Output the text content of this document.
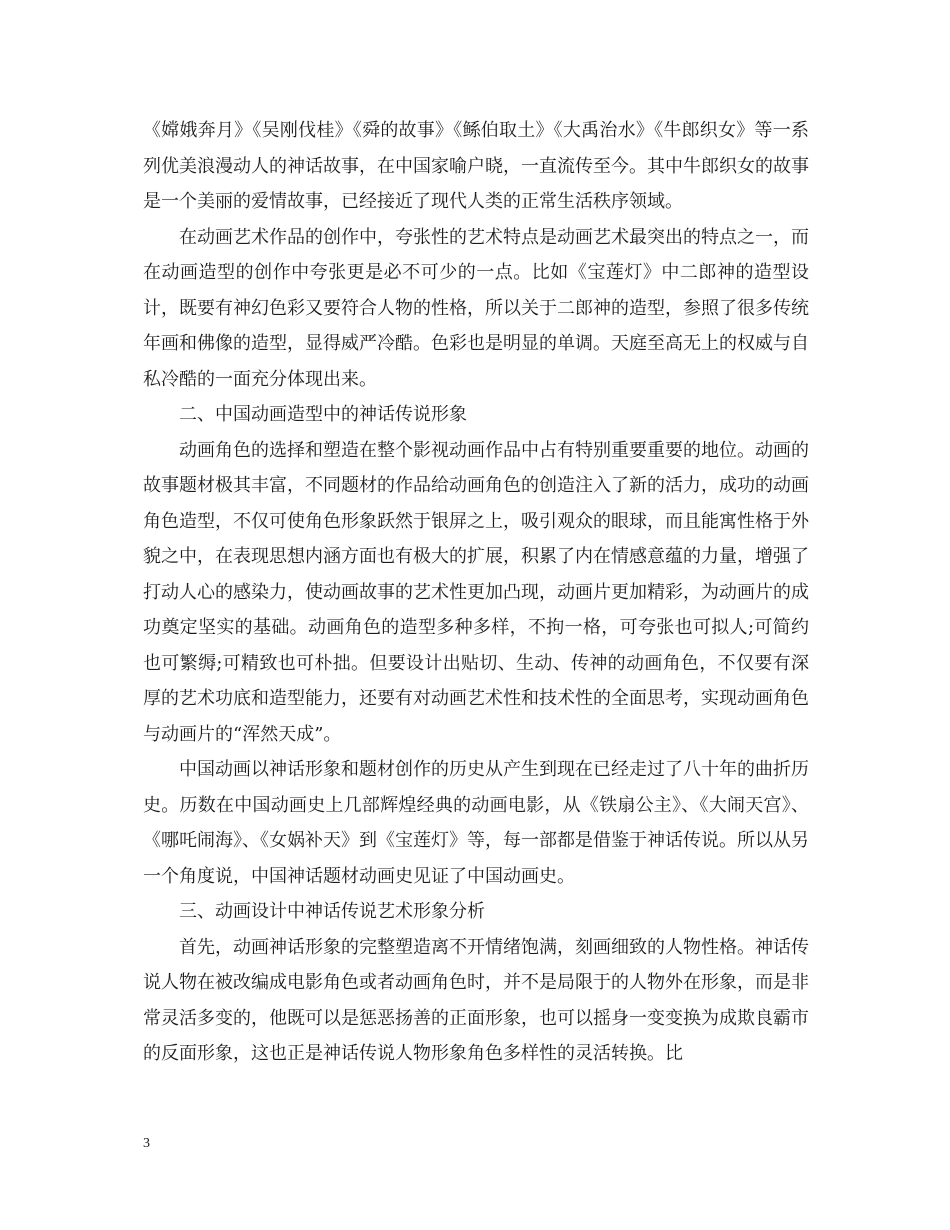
《嫦娥奔月》《吴刚伐桂》《舜的故事》《鲧伯取土》《大禹治水》《牛郎织女》等一系列优美浪漫动人的神话故事，在中国家喻户晓，一直流传至今。其中牛郎织女的故事是一个美丽的爱情故事，已经接近了现代人类的正常生活秩序领域。

在动画艺术作品的创作中，夸张性的艺术特点是动画艺术最突出的特点之一，而在动画造型的创作中夸张更是必不可少的一点。比如《宝莲灯》中二郎神的造型设计，既要有神幻色彩又要符合人物的性格，所以关于二郎神的造型，参照了很多传统年画和佛像的造型，显得威严冷酷。色彩也是明显的单调。天庭至高无上的权威与自私冷酷的一面充分体现出来。

二、中国动画造型中的神话传说形象

动画角色的选择和塑造在整个影视动画作品中占有特别重要重要的地位。动画的故事题材极其丰富，不同题材的作品给动画角色的创造注入了新的活力，成功的动画角色造型，不仅可使角色形象跃然于银屏之上，吸引观众的眼球，而且能寓性格于外貌之中，在表现思想内涵方面也有极大的扩展，积累了内在情感意蕴的力量，增强了打动人心的感染力，使动画故事的艺术性更加凸现，动画片更加精彩，为动画片的成功奠定坚实的基础。动画角色的造型多种多样，不拘一格，可夸张也可拟人;可简约也可繁缛;可精致也可朴拙。但要设计出贴切、生动、传神的动画角色，不仅要有深厚的艺术功底和造型能力，还要有对动画艺术性和技术性的全面思考，实现动画角色与动画片的“浑然天成”。

中国动画以神话形象和题材创作的历史从产生到现在已经走过了八十年的曲折历史。历数在中国动画史上几部辉煌经典的动画电影，从《铁扇公主》、《大闹天宫》、《哪吒闹海》、《女娲补天》到《宝莲灯》等，每一部都是借鉴于神话传说。所以从另一个角度说，中国神话题材动画史见证了中国动画史。

三、动画设计中神话传说艺术形象分析

首先，动画神话形象的完整塑造离不开情绪饱满，刻画细致的人物性格。神话传说人物在被改编成电影角色或者动画角色时，并不是局限于的人物外在形象，而是非常灵活多变的，他既可以是惩恶扬善的正面形象，也可以摇身一变变换为成欺良霸市的反面形象，这也正是神话传说人物形象角色多样性的灵活转换。比

3
